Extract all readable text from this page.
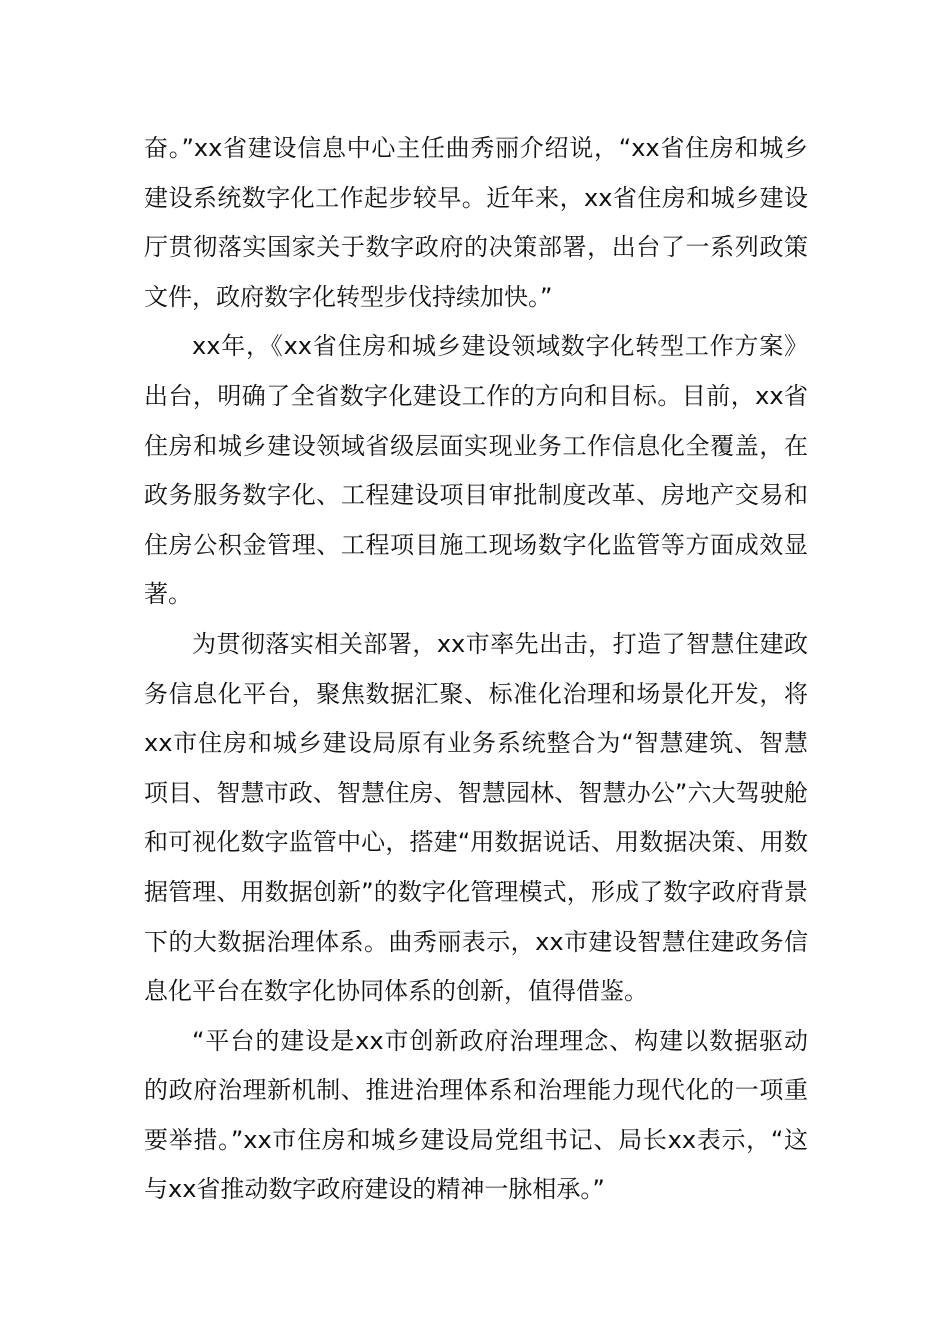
奋。”xx省建设信息中心主任曲秀丽介绍说，“xx省住房和城乡建设系统数字化工作起步较早。近年来，xx省住房和城乡建设厅贯彻落实国家关于数字政府的决策部署，出台了一系列政策文件，政府数字化转型步伐持续加快。”

xx年，《xx省住房和城乡建设领域数字化转型工作方案》出台，明确了全省数字化建设工作的方向和目标。目前，xx省住房和城乡建设领域省级层面实现业务工作信息化全覆盖，在政务服务数字化、工程建设项目审批制度改革、房地产交易和住房公积金管理、工程项目施工现场数字化监管等方面成效显著。

为贯彻落实相关部署，xx市率先出击，打造了智慧住建政务信息化平台，聚焦数据汇聚、标准化治理和场景化开发，将xx市住房和城乡建设局原有业务系统整合为“智慧建筑、智慧项目、智慧市政、智慧住房、智慧园林、智慧办公”六大驾驶舱和可视化数字监管中心，搭建“用数据说话、用数据决策、用数据管理、用数据创新”的数字化管理模式，形成了数字政府背景下的大数据治理体系。曲秀丽表示，xx市建设智慧住建政务信息化平台在数字化协同体系的创新，值得借鉴。

“平台的建设是xx市创新政府治理理念、构建以数据驱动的政府治理新机制、推进治理体系和治理能力现代化的一项重要举措。”xx市住房和城乡建设局党组书记、局长xx表示，“这与xx省推动数字政府建设的精神一脉相承。”
